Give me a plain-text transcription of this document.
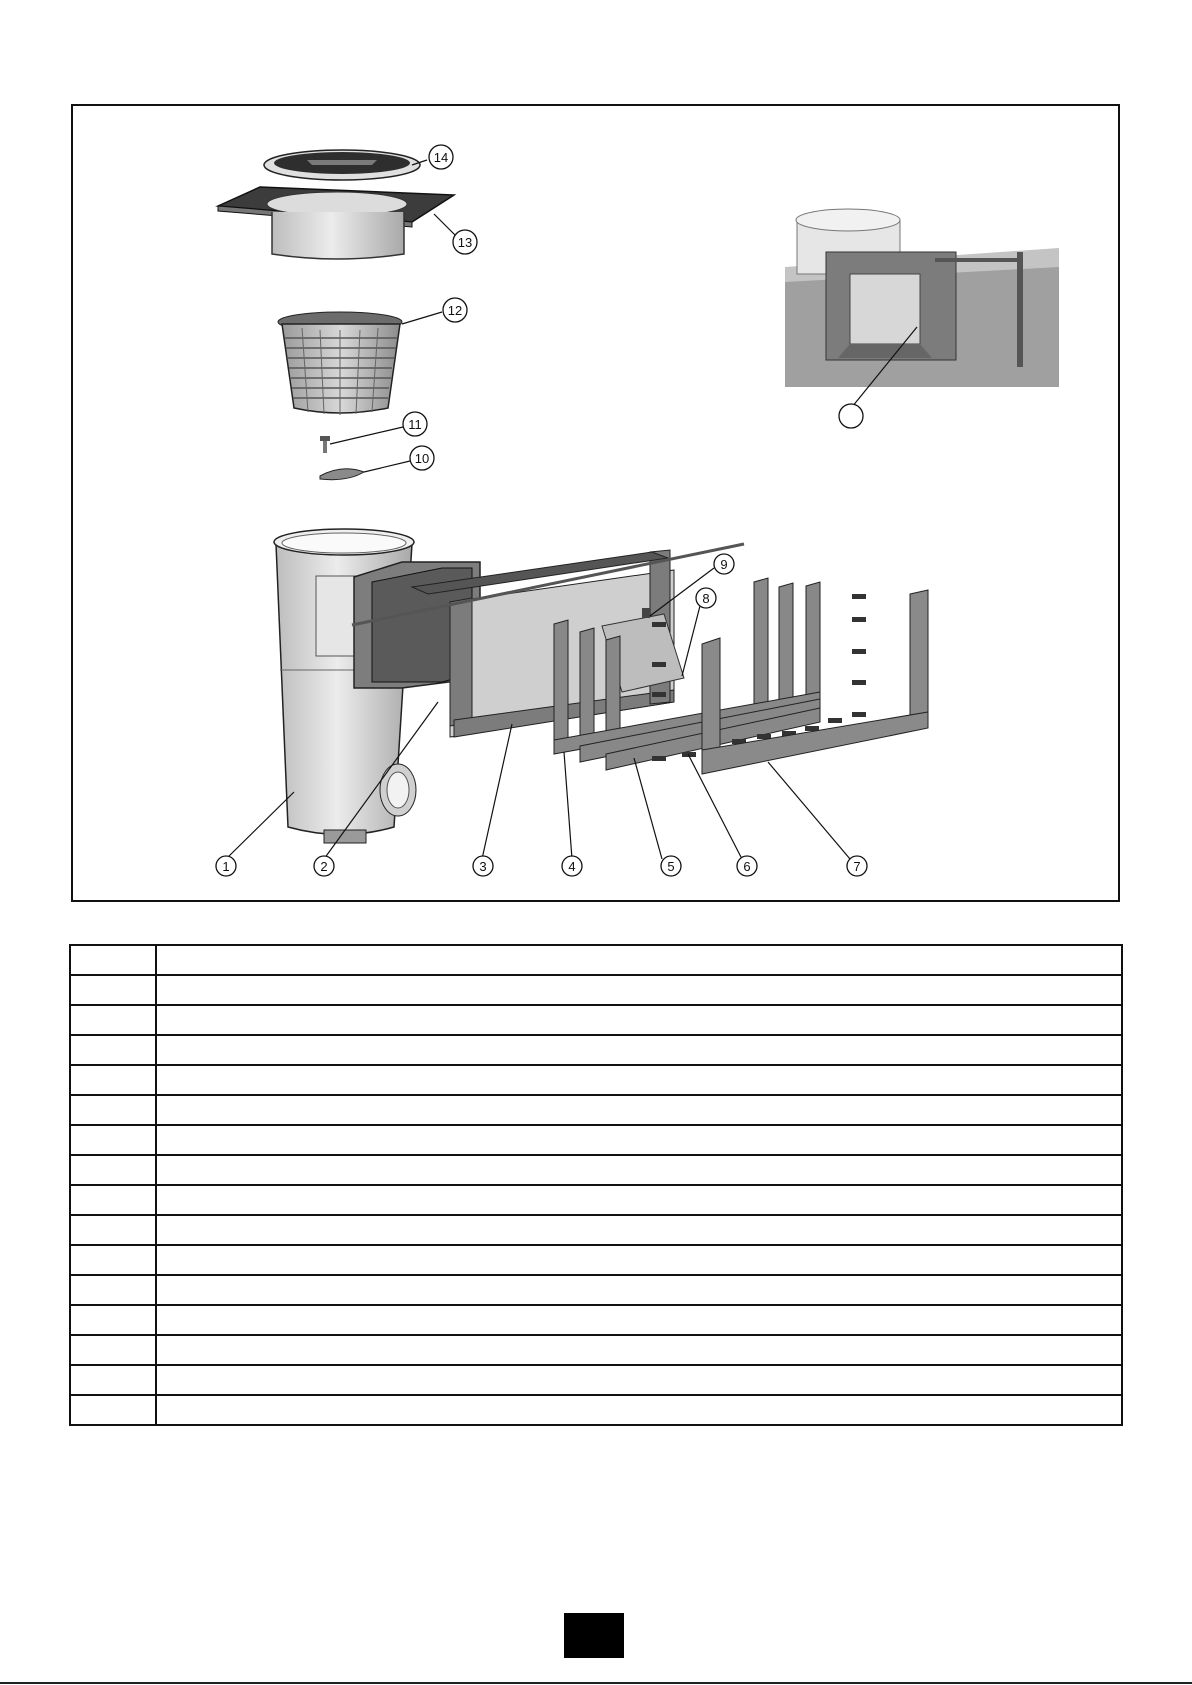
14
13
12
11
10
1	2	3	4	5	6	7
8
9
